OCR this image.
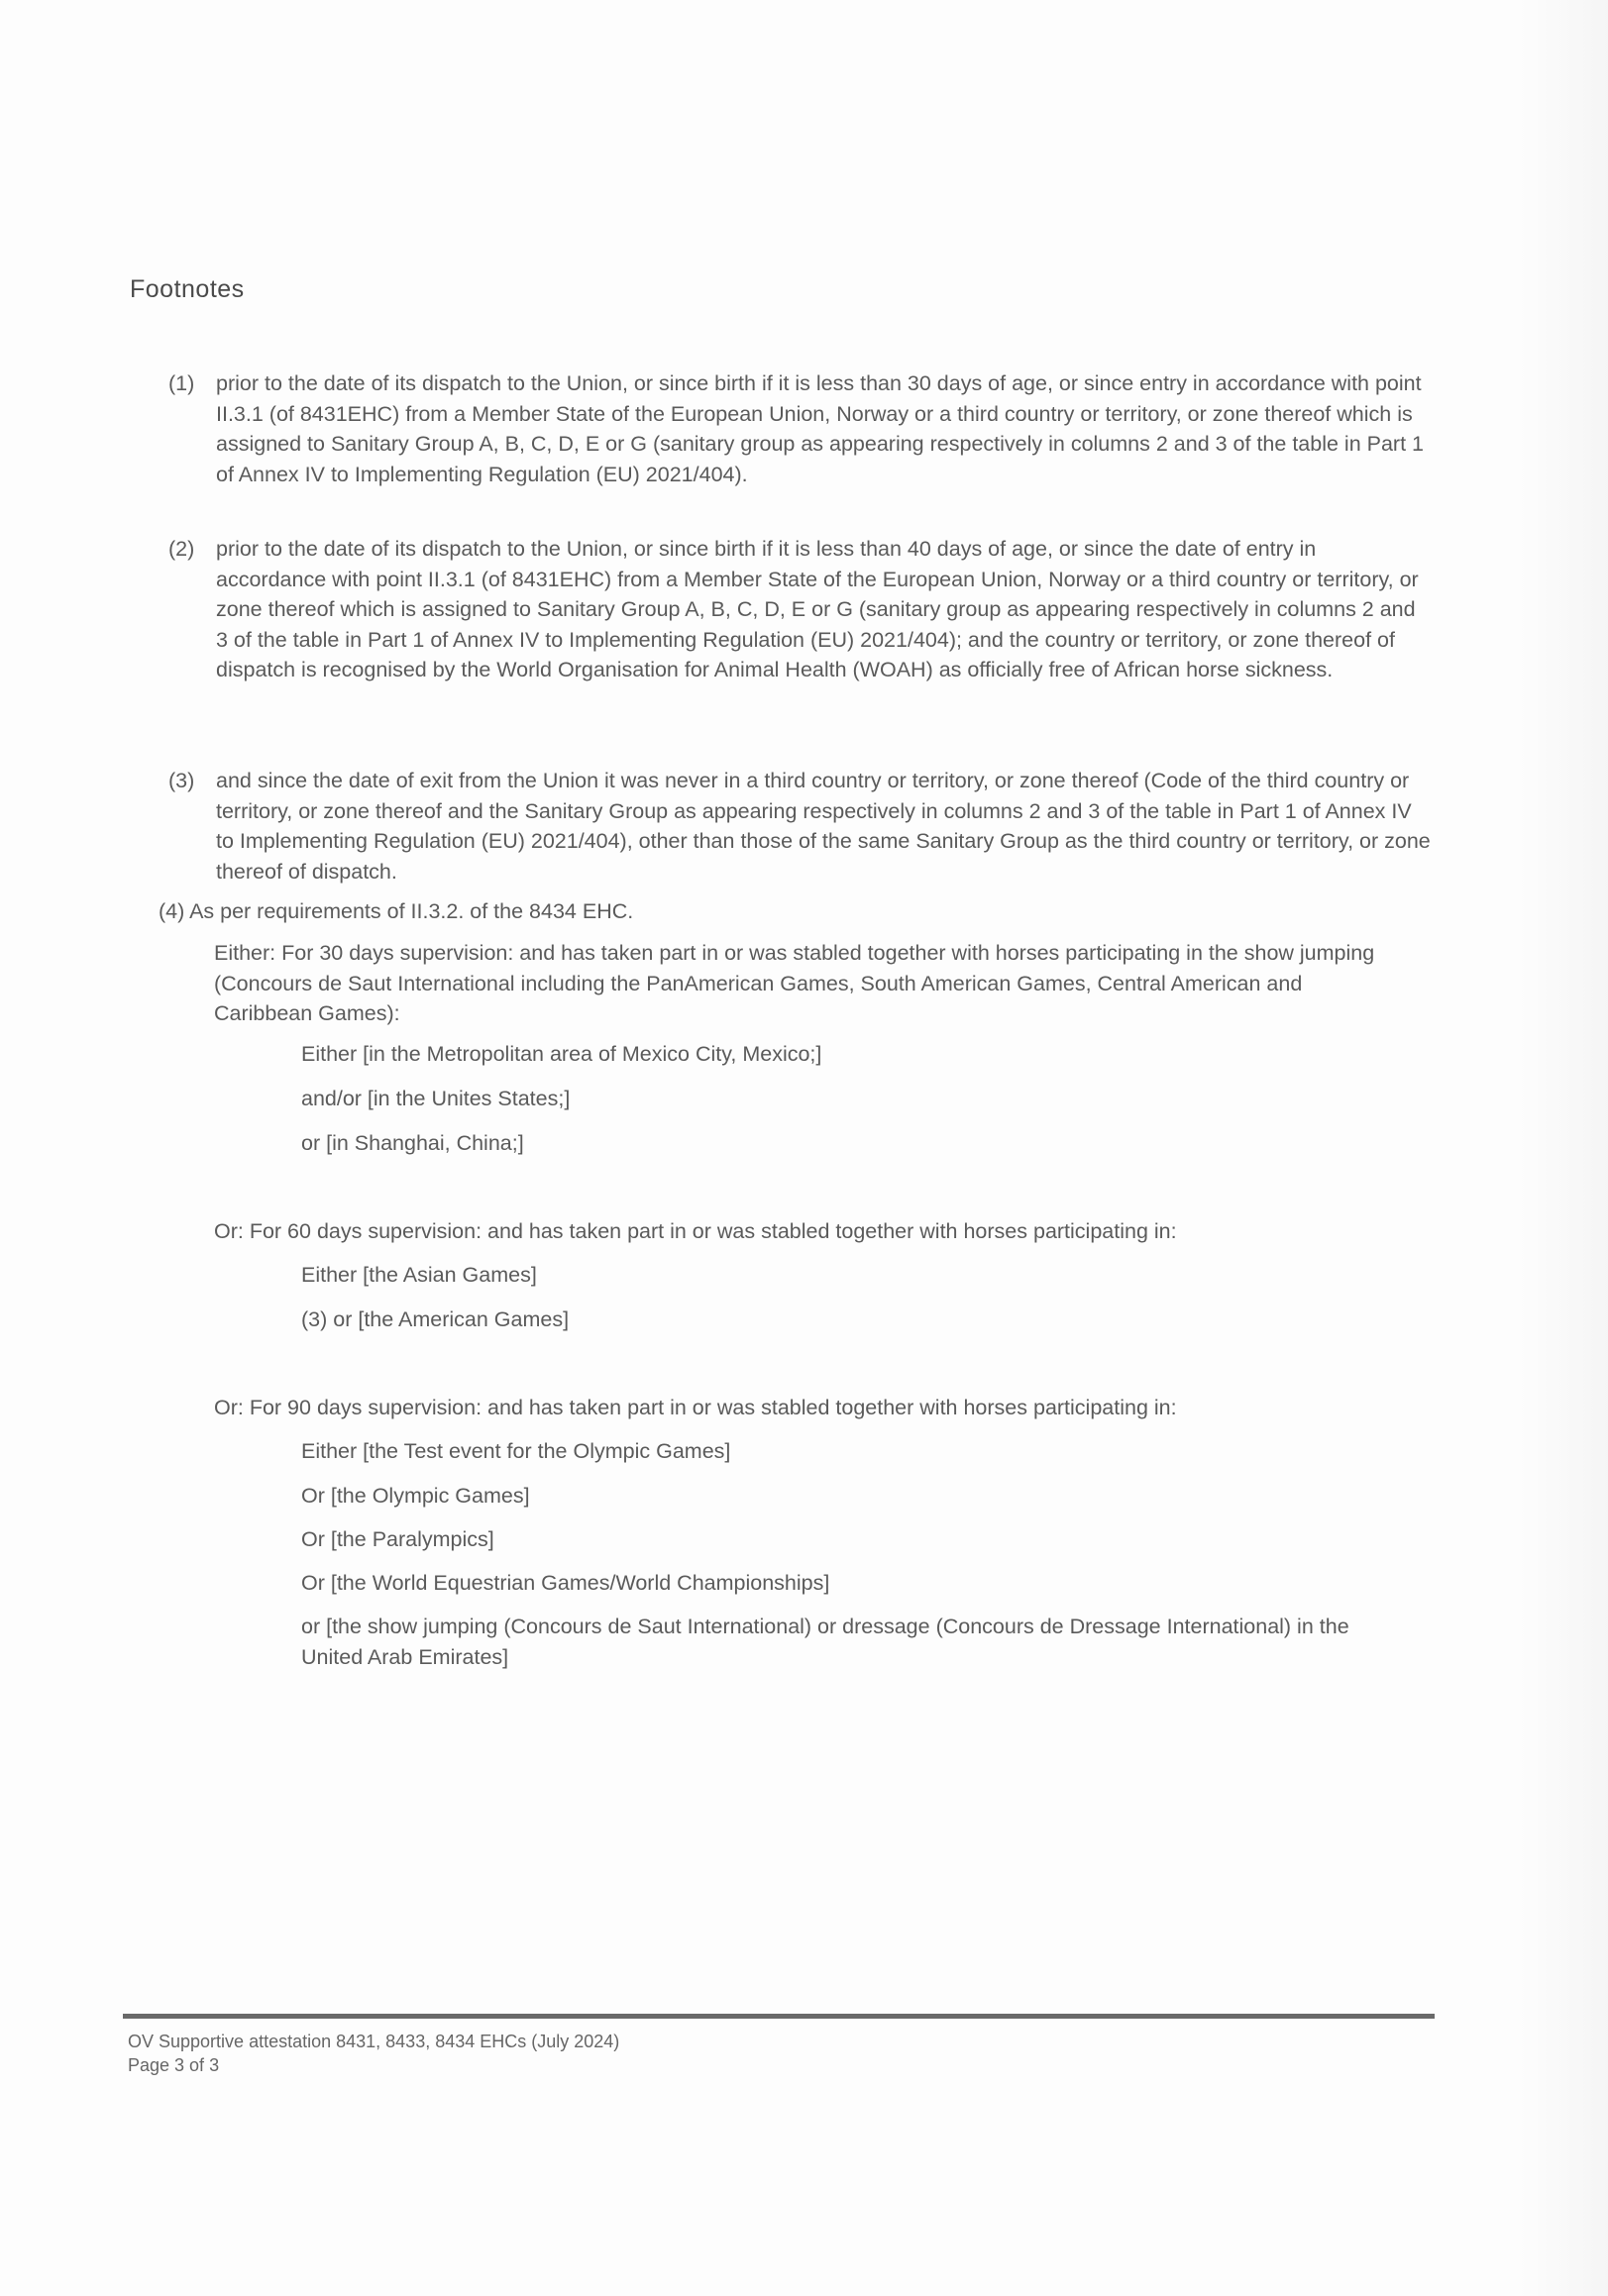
Footnotes
(1) prior to the date of its dispatch to the Union, or since birth if it is less than 30 days of age, or since entry in accordance with point II.3.1 (of 8431EHC) from a Member State of the European Union, Norway or a third country or territory, or zone thereof which is assigned to Sanitary Group A, B, C, D, E or G (sanitary group as appearing respectively in columns 2 and 3 of the table in Part 1 of Annex IV to Implementing Regulation (EU) 2021/404).
(2) prior to the date of its dispatch to the Union, or since birth if it is less than 40 days of age, or since the date of entry in accordance with point II.3.1 (of 8431EHC) from a Member State of the European Union, Norway or a third country or territory, or zone thereof which is assigned to Sanitary Group A, B, C, D, E or G (sanitary group as appearing respectively in columns 2 and 3 of the table in Part 1 of Annex IV to Implementing Regulation (EU) 2021/404); and the country or territory, or zone thereof of dispatch is recognised by the World Organisation for Animal Health (WOAH) as officially free of African horse sickness.
(3) and since the date of exit from the Union it was never in a third country or territory, or zone thereof (Code of the third country or territory, or zone thereof and the Sanitary Group as appearing respectively in columns 2 and 3 of the table in Part 1 of Annex IV to Implementing Regulation (EU) 2021/404), other than those of the same Sanitary Group as the third country or territory, or zone thereof of dispatch.
(4) As per requirements of II.3.2. of the 8434 EHC.
Either: For 30 days supervision: and has taken part in or was stabled together with horses participating in the show jumping (Concours de Saut International including the PanAmerican Games, South American Games, Central American and Caribbean Games):
Either [in the Metropolitan area of Mexico City, Mexico;]
and/or [in the Unites States;]
or [in Shanghai, China;]
Or: For 60 days supervision: and has taken part in or was stabled together with horses participating in:
Either [the Asian Games]
(3) or [the American Games]
Or: For 90 days supervision: and has taken part in or was stabled together with horses participating in:
Either [the Test event for the Olympic Games]
Or [the Olympic Games]
Or [the Paralympics]
Or [the World Equestrian Games/World Championships]
or [the show jumping (Concours de Saut International) or dressage (Concours de Dressage International) in the United Arab Emirates]
OV Supportive attestation 8431, 8433, 8434 EHCs (July 2024)
Page 3 of 3
